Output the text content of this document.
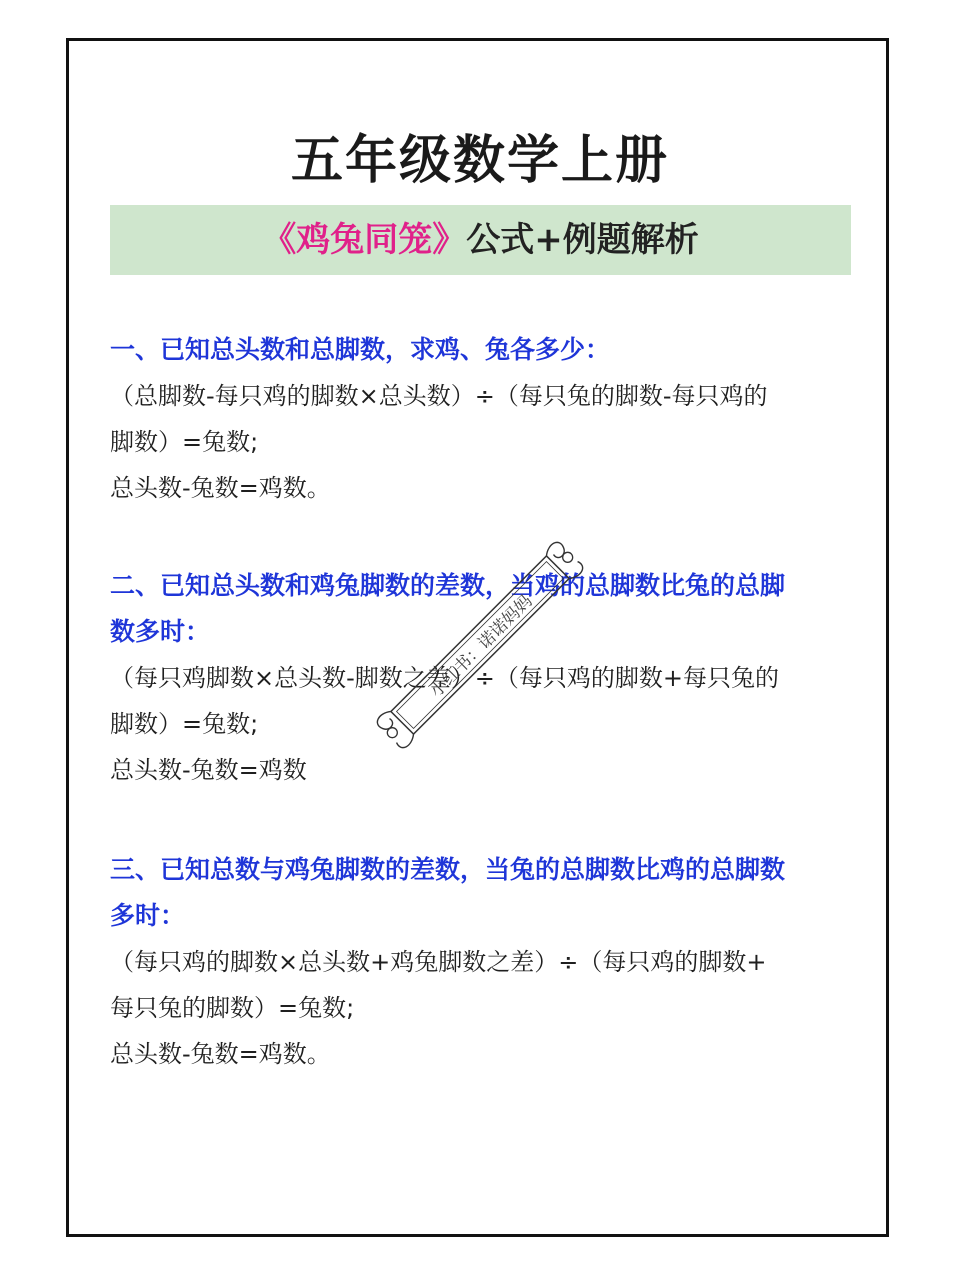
五年级数学上册
《鸡兔同笼》公式+例题解析

一、已知总头数和总脚数，求鸡、兔各多少：

（总脚数-每只鸡的脚数×总头数）÷（每只兔的脚数-每只鸡的

脚数）=兔数;

总头数-兔数=鸡数。

二、已知总头数和鸡兔脚数的差数，当鸡的总脚数比兔的总脚

数多时：

（每只鸡脚数×总头数-脚数之差）÷（每只鸡的脚数+每只兔的

脚数）=兔数;

总头数-兔数=鸡数

三、已知总数与鸡兔脚数的差数，当兔的总脚数比鸡的总脚数

多时：

（每只鸡的脚数×总头数+鸡兔脚数之差）÷（每只鸡的脚数+

每只兔的脚数）=兔数;

总头数-兔数=鸡数。

小红书：诺诺妈妈
